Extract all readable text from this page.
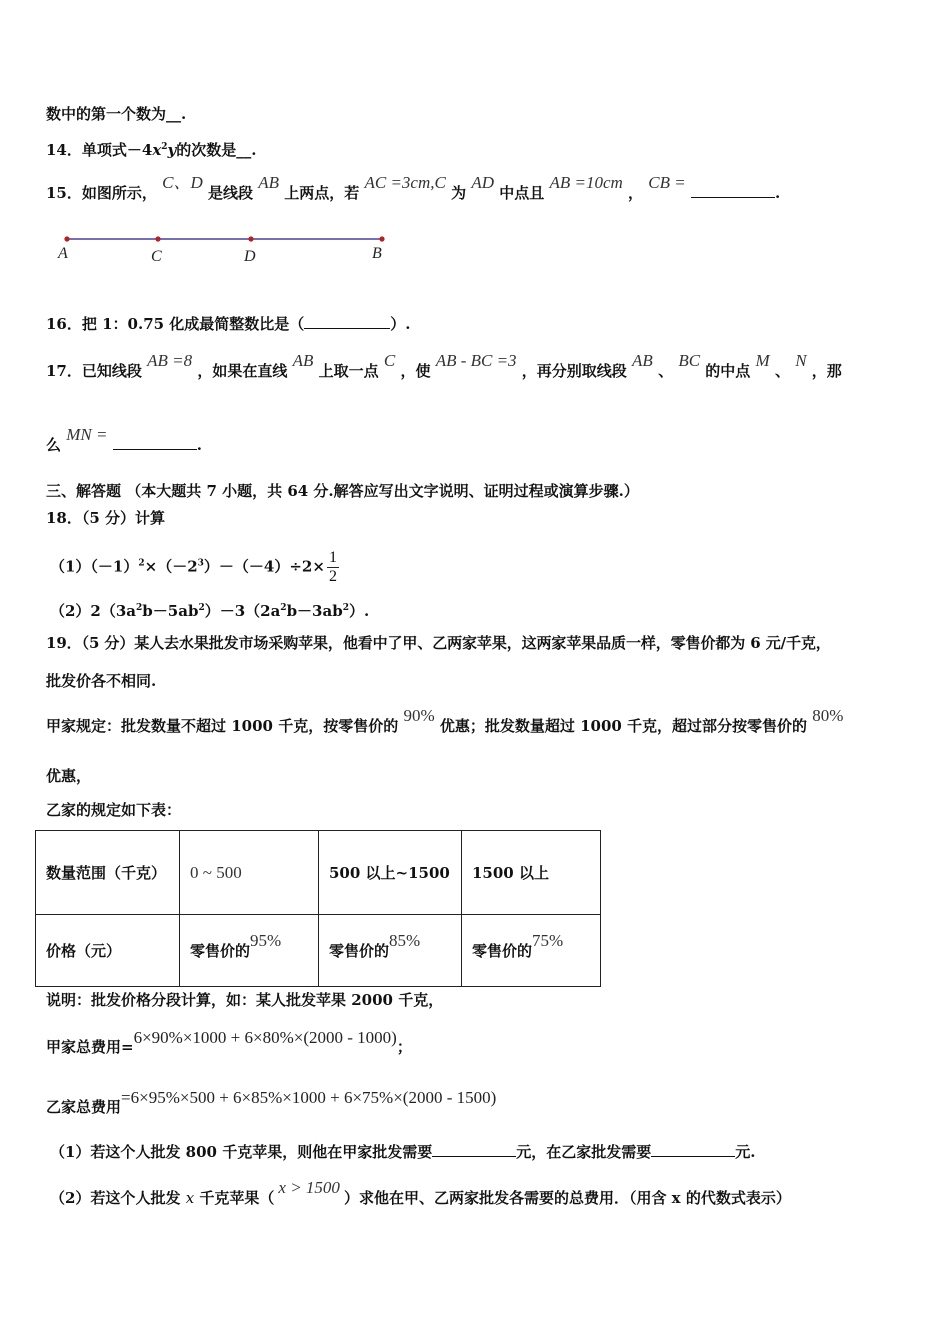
数中的第一个数为__.
14．单项式$-4x^2y$的次数是__.
15．如图所示， C、D 是线段 AB 上两点，若 AC =3cm,C 为 AD 中点且 AB =10cm ， CB = .
A	C	D	B
16．把 1：0.75 化成最简整数比是（	）.
17．已知线段 AB =8 ，如果在直线 AB 上取一点 C ，使 AB - BC =3 ，再分别取线段 AB 、 BC 的中点 M 、 N ，那
么 MN = .
三、解答题 （本大题共 7 小题，共 64 分.解答应写出文字说明、证明过程或演算步骤.）
18．（5 分）计算
$(1)(-1)^2\times(-2^3)-(-4)\div 2\times \frac{1}{2}$
$(2)2(3a^2b-5ab^2)-3(2a^2b-3ab^2)$.
19．（5 分）某人去水果批发市场采购苹果，他看中了甲、乙两家苹果，这两家苹果品质一样，零售价都为 6 元/千克，
批发价各不相同.
甲家规定：批发数量不超过 1000 千克，按零售价的 90% 优惠；批发数量超过 1000 千克，超过部分按零售价的 80%
优惠，
乙家的规定如下表：
数量范围（千克）	0 ~ 500	500 以上~1500	1500 以上
价格（元）	零售价的95%	零售价的85%	零售价的75%
说明：批发价格分段计算，如：某人批发苹果 2000 千克，
甲家总费用=6×90%×1000 + 6×80%×(2000 - 1000)；
乙家总费用=6×95%×500 + 6×85%×1000 + 6×75%×(2000 - 1500)
（1）若这个人批发 800 千克苹果，则他在甲家批发需要	元，在乙家批发需要	元.
（2）若这个人批发 x 千克苹果（x > 1500）求他在甲、乙两家批发各需要的总费用．（用含 x 的代数式表示）
